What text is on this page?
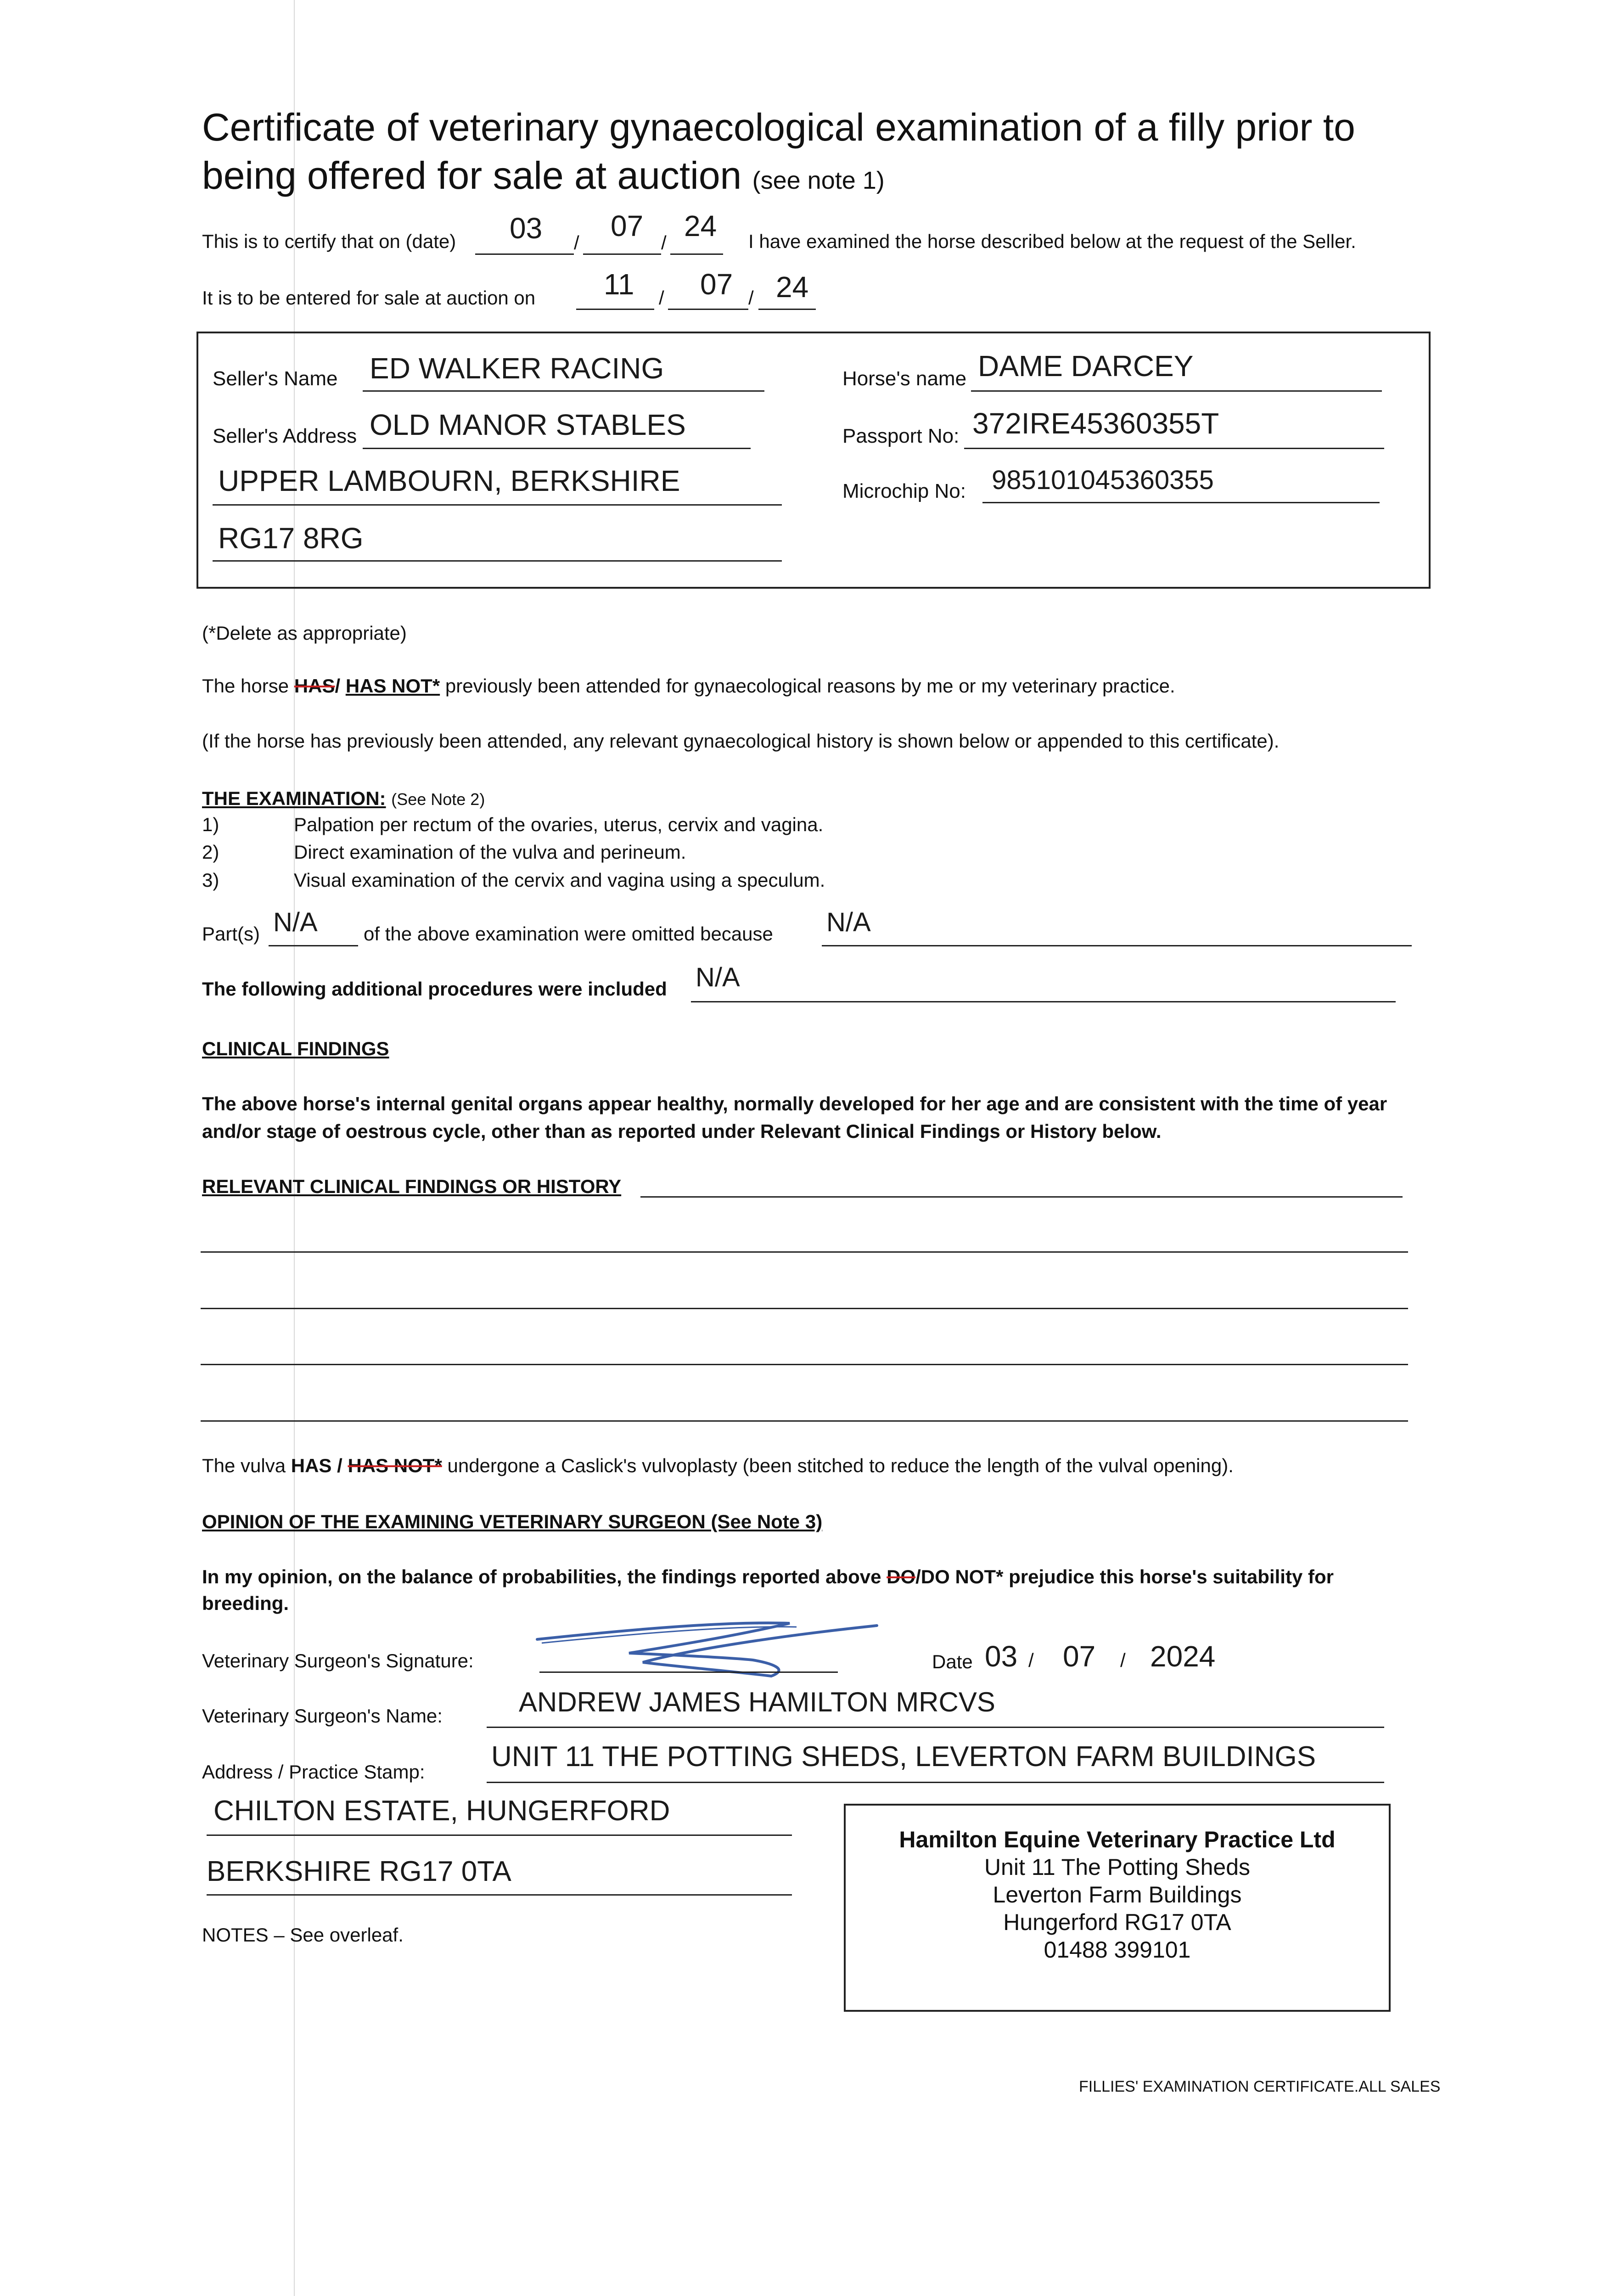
Certificate of veterinary gynaecological examination of a filly prior to
being offered for sale at auction (see note 1)
This is to certify that on (date) 03 /
07
/
24 I have examined the horse described below at the request of the Seller.
It is to be entered for sale at auction on 11 / 07 / 24
Seller's Name ED WALKER RACING
Seller's Address OLD MANOR STABLES
UPPER LAMBOURN, BERKSHIRE
RG17 8RG
Horse's name DAME DARCEY
Passport No: 372IRE45360355T
Microchip No: 985101045360355
(*Delete as appropriate)
The horse HAS/ HAS NOT* previously been attended for gynaecological reasons by me or my veterinary practice.
(If the horse has previously been attended, any relevant gynaecological history is shown below or appended to this certificate).
THE EXAMINATION: (See Note 2)
1)	Palpation per rectum of the ovaries, uterus, cervix and vagina.
2)	Direct examination of the vulva and perineum.
3)	Visual examination of the cervix and vagina using a speculum.
Part(s) N/A of the above examination were omitted because N/A
The following additional procedures were included N/A
CLINICAL FINDINGS
The above horse's internal genital organs appear healthy, normally developed for her age and are consistent with the time of year
and/or stage of oestrous cycle, other than as reported under Relevant Clinical Findings or History below.
RELEVANT CLINICAL FINDINGS OR HISTORY
The vulva HAS / HAS NOT* undergone a Caslick's vulvoplasty (been stitched to reduce the length of the vulval opening).
OPINION OF THE EXAMINING VETERINARY SURGEON (See Note 3)
In my opinion, on the balance of probabilities, the findings reported above DO/DO NOT* prejudice this horse's suitability for
breeding.
Veterinary Surgeon's Signature:	Date 03 / 07 / 2024
Veterinary Surgeon's Name:	ANDREW JAMES HAMILTON MRCVS
Address / Practice Stamp: UNIT 11 THE POTTING SHEDS, LEVERTON FARM BUILDINGS
CHILTON ESTATE, HUNGERFORD
BERKSHIRE RG17 0TA
Hamilton Equine Veterinary Practice Ltd
Unit 11 The Potting Sheds
Leverton Farm Buildings
Hungerford RG17 0TA
01488 399101
NOTES – See overleaf.
FILLIES' EXAMINATION CERTIFICATE.ALL SALES
